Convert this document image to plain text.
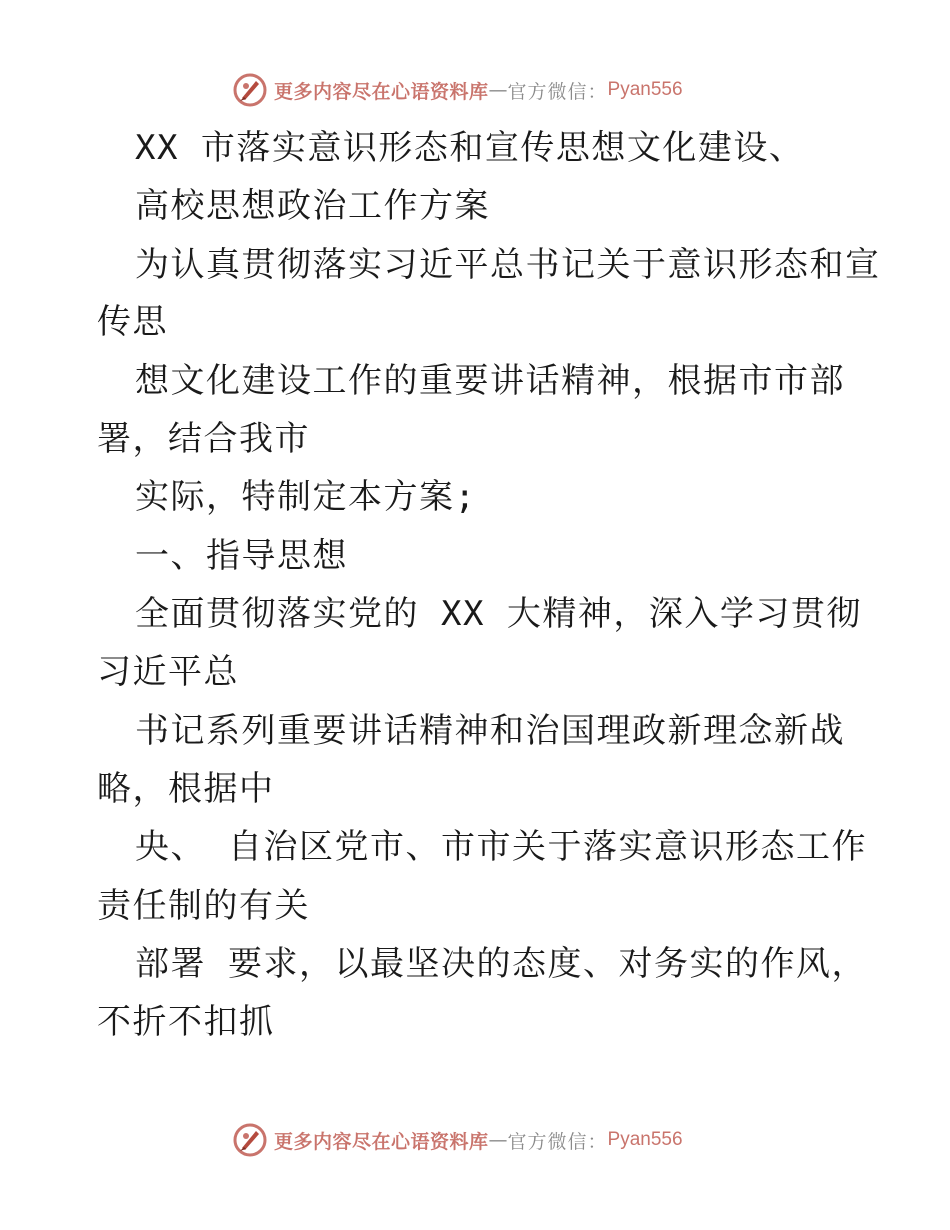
更多内容尽在心语资料库 — 官方微信： Pyan556
XX 市落实意识形态和宣传思想文化建设、
高校思想政治工作方案
为认真贯彻落实习近平总书记关于意识形态和宣
传思
想文化建设工作的重要讲话精神，根据市市部
署，结合我市
实际，特制定本方案;
一、指导思想
全面贯彻落实党的 XX 大精神，深入学习贯彻
习近平总
书记系列重要讲话精神和治国理政新理念新战
略，根据中
央、 自治区党市、市市关于落实意识形态工作
责任制的有关
部署 要求，以最坚决的态度、对务实的作风，
不折不扣抓
更多内容尽在心语资料库 — 官方微信： Pyan556
